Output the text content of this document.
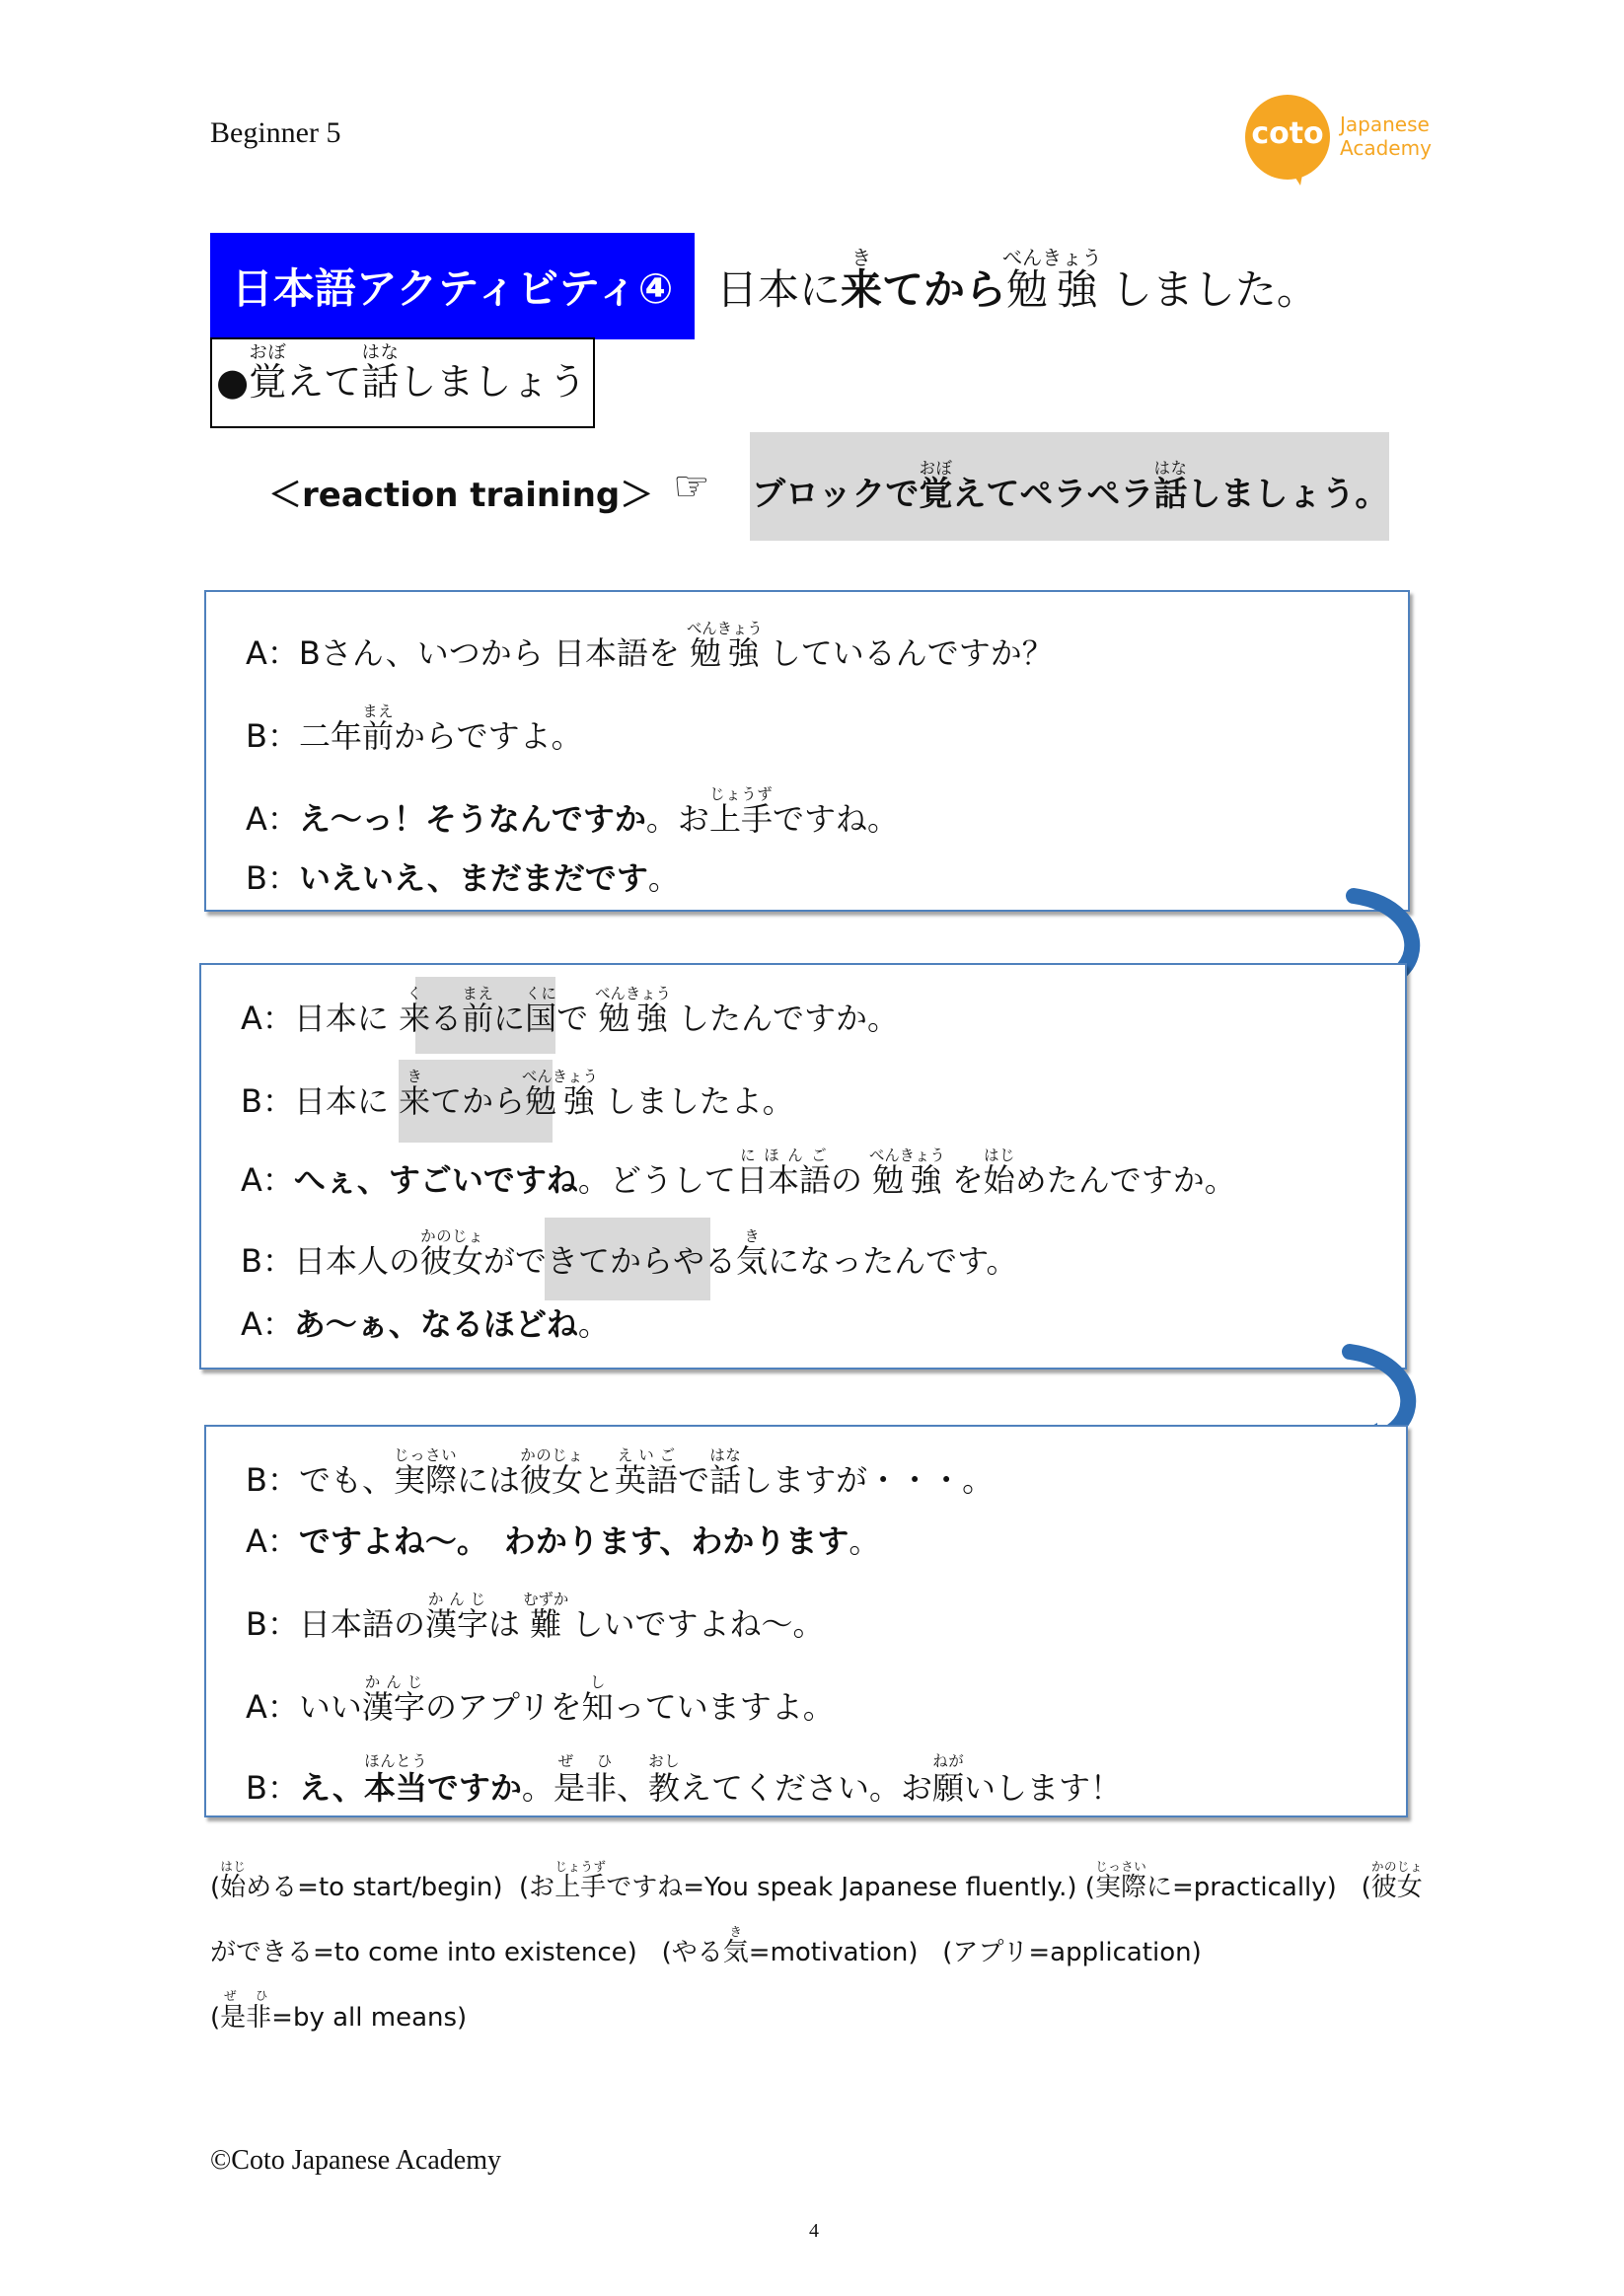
Beginner 5	coto Japanese
Academy
日本語アクティビティ④	日本に来きてから勉強べんきょう しました。
●覚おぼえて話はなしましょう
＜reaction training＞ ☞ ブロックで覚おぼえてペラペラ話はなしましょう。
A：Bさん、いつから 日本語を 勉強べんきょう しているんですか？
B：二年前まえからですよ。
A：え～っ！そうなんですか。お上手じょうずですね。
B：いえいえ、まだまだです。
A：日本に 来くる前まえに国くにで 勉強べんきょう したんですか。
B：日本に 来きてから勉強べんきょう しましたよ。
A：へぇ、すごいですね。どうして日本語にほんごの 勉強べんきょう を始はじめたんですか。
B：日本人の彼女かのじょができてからやる気きになったんです。
A：あ～ぁ、なるほどね。
B：でも、実際じっさいには彼女かのじょと英語えいごで話はなしますが・・・。
A：ですよね～。　わかります、わかります。
B：日本語の漢字かんじは 難むずか しいですよね～。
A：いい漢字かんじのアプリを知しっていますよ。
B：え、本当ほんとうですか。是非ぜ ひ、教おしえてください。お願ねがいします！
(始はじめる=to start/begin) (お上手じょうずですね=You speak Japanese fluently.) (実際じっさいに=practically) (彼女かのじょ
ができる=to come into existence) (やる気き=motivation) (アプリ=application)
(是非ぜ ひ=by all means)
©Coto Japanese Academy
4
